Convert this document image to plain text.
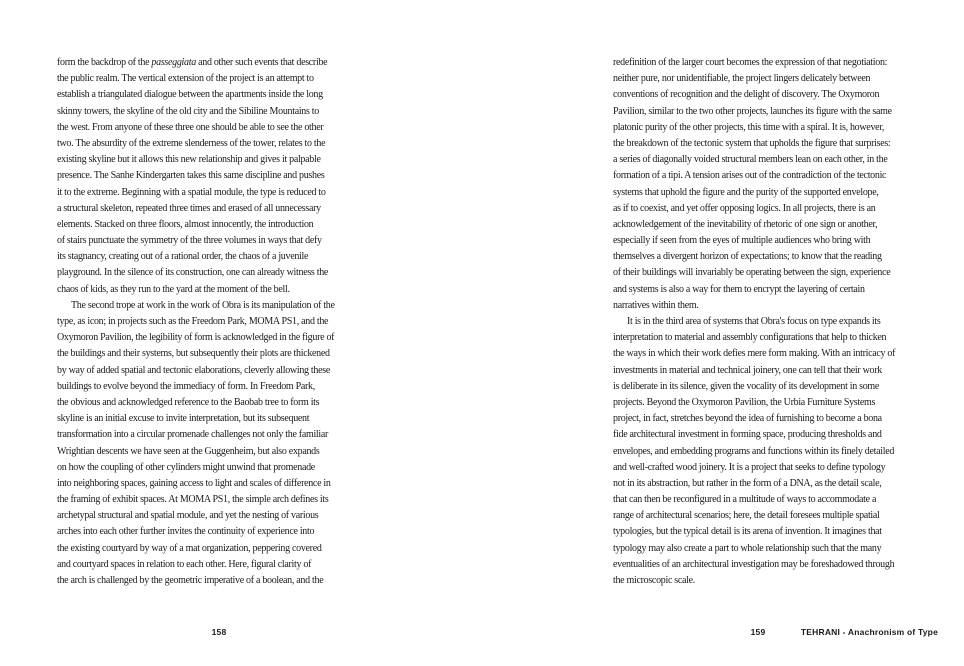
form the backdrop of the passeggiata and other such events that describe
the public realm. The vertical extension of the project is an attempt to
establish a triangulated dialogue between the apartments inside the long
skinny towers, the skyline of the old city and the Sibiline Mountains to
the west. From anyone of these three one should be able to see the other
two. The absurdity of the extreme slenderness of the tower, relates to the
existing skyline but it allows this new relationship and gives it palpable
presence. The Sanhe Kindergarten takes this same discipline and pushes
it to the extreme. Beginning with a spatial module, the type is reduced to
a structural skeleton, repeated three times and erased of all unnecessary
elements. Stacked on three floors, almost innocently, the introduction
of stairs punctuate the symmetry of the three volumes in ways that defy
its stagnancy, creating out of a rational order, the chaos of a juvenile
playground. In the silence of its construction, one can already witness the
chaos of kids, as they run to the yard at the moment of the bell.
The second trope at work in the work of Obra is its manipulation of the
type, as icon; in projects such as the Freedom Park, MOMA PS1, and the
Oxymoron Pavilion, the legibility of form is acknowledged in the figure of
the buildings and their systems, but subsequently their plots are thickened
by way of added spatial and tectonic elaborations, cleverly allowing these
buildings to evolve beyond the immediacy of form. In Freedom Park,
the obvious and acknowledged reference to the Baobab tree to form its
skyline is an initial excuse to invite interpretation, but its subsequent
transformation into a circular promenade challenges not only the familiar
Wrightian descents we have seen at the Guggenheim, but also expands
on how the coupling of other cylinders might unwind that promenade
into neighboring spaces, gaining access to light and scales of difference in
the framing of exhibit spaces. At MOMA PS1, the simple arch defines its
archetypal structural and spatial module, and yet the nesting of various
arches into each other further invites the continuity of experience into
the existing courtyard by way of a mat organization, peppering covered
and courtyard spaces in relation to each other. Here, figural clarity of
the arch is challenged by the geometric imperative of a boolean, and the
158
redefinition of the larger court becomes the expression of that negotiation:
neither pure, nor unidentifiable, the project lingers delicately between
conventions of recognition and the delight of discovery. The Oxymoron
Pavilion, similar to the two other projects, launches its figure with the same
platonic purity of the other projects, this time with a spiral. It is, however,
the breakdown of the tectonic system that upholds the figure that surprises:
a series of diagonally voided structural members lean on each other, in the
formation of a tipi. A tension arises out of the contradiction of the tectonic
systems that uphold the figure and the purity of the supported envelope,
as if to coexist, and yet offer opposing logics. In all projects, there is an
acknowledgement of the inevitability of rhetoric of one sign or another,
especially if seen from the eyes of multiple audiences who bring with
themselves a divergent horizon of expectations; to know that the reading
of their buildings will invariably be operating between the sign, experience
and systems is also a way for them to encrypt the layering of certain
narratives within them.
It is in the third area of systems that Obra's focus on type expands its
interpretation to material and assembly configurations that help to thicken
the ways in which their work defies mere form making. With an intricacy of
investments in material and technical joinery, one can tell that their work
is deliberate in its silence, given the vocality of its development in some
projects. Beyond the Oxymoron Pavilion, the Urbia Furniture Systems
project, in fact, stretches beyond the idea of furnishing to become a bona
fide architectural investment in forming space, producing thresholds and
envelopes, and embedding programs and functions within its finely detailed
and well-crafted wood joinery. It is a project that seeks to define typology
not in its abstraction, but rather in the form of a DNA, as the detail scale,
that can then be reconfigured in a multitude of ways to accommodate a
range of architectural scenarios; here, the detail foresees multiple spatial
typologies, but the typical detail is its arena of invention. It imagines that
typology may also create a part to whole relationship such that the many
eventualities of an architectural investigation may be foreshadowed through
the microscopic scale.
159	TEHRANI - Anachronism of Type
